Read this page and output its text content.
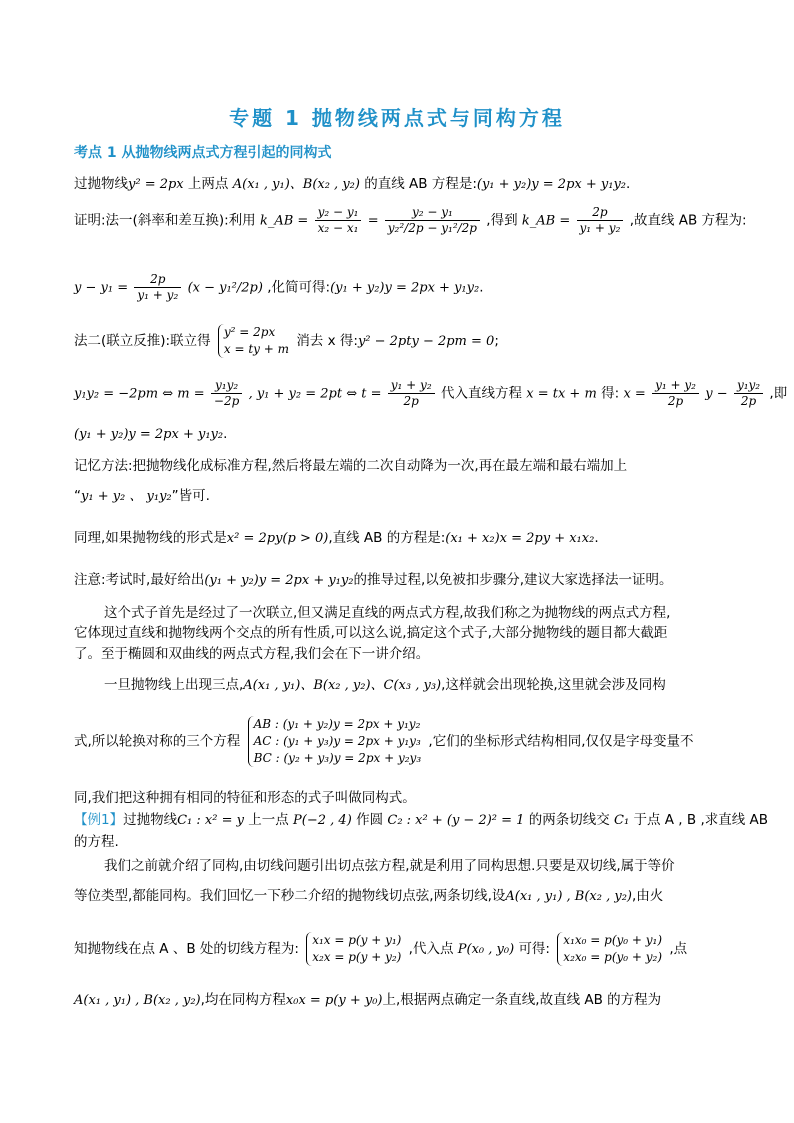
专题 1 抛物线两点式与同构方程
考点 1 从抛物线两点式方程引起的同构式
过抛物线y² = 2px 上两点 A(x₁ , y₁)、B(x₂ , y₂) 的直线 AB 方程是:(y₁ + y₂)y = 2px + y₁y₂.
证明:法一(斜率和差互换):利用 k_AB = $\frac{\text{y₂ − y₁}}{\text{x₂ − x₁}} = \frac{\text{y₂ − y₁}}{\text{y₂²/2p − y₁²/2p}}$ ,得到 k_AB = $\frac{2p}{\text{y₁ + y₂}}$ ,故直线 AB 方程为:
$y - y_1 = \frac{2p}{\text{y₁ + y₂}} (x - y_1^2/2p)$ ,化简可得:(y₁ + y₂)y = 2px + y₁y₂.
法二(联立反推):联立得
y² = 2px
x = ty + m 消去 x 得:y² − 2pty − 2pm = 0;
y₁y₂ = −2pm ⇔ $m = \frac{\text{y₁y₂}}{-2p}$ , y₁ + y₂ = 2pt ⇔ $t = \frac{\text{y₁ + y₂}}{2p}$ 代入直线方程 x = tx + m 得: $x = \frac{\text{y₁ + y₂}}{2p}$ $y - \frac{\text{y₁y₂}}{2p}$ ,即
(y₁ + y₂)y = 2px + y₁y₂.
记忆方法:把抛物线化成标准方程,然后将最左端的二次自动降为一次,再在最左端和最右端加上
“y₁ + y₂ 、 y₁y₂”皆可.
同理,如果抛物线的形式是x² = 2py(p > 0),直线 AB 的方程是:(x₁ + x₂)x = 2py + x₁x₂.
注意:考试时,最好给出(y₁ + y₂)y = 2px + y₁y₂的推导过程,以免被扣步骤分,建议大家选择法一证明。
这个式子首先是经过了一次联立,但又满足直线的两点式方程,故我们称之为抛物线的两点式方程,
它体现过直线和抛物线两个交点的所有性质,可以这么说,搞定这个式子,大部分抛物线的题目都大截距
了。至于椭圆和双曲线的两点式方程,我们会在下一讲介绍。
一旦抛物线上出现三点,A(x₁ , y₁)、B(x₂ , y₂)、C(x₃ , y₃),这样就会出现轮换,这里就会涉及同构
式,所以轮换对称的三个方程
AB : (y₁ + y₂)y = 2px + y₁y₂
AC : (y₁ + y₃)y = 2px + y₁y₃
BC : (y₂ + y₃)y = 2px + y₂y₃
,它们的坐标形式结构相同,仅仅是字母变量不
同,我们把这种拥有相同的特征和形态的式子叫做同构式。
【例1】过抛物线C₁ : x² = y 上一点 P(−2 , 4) 作圆 C₂ : x² + (y − 2)² = 1 的两条切线交 C₁ 于点 A , B ,求直线 AB
的方程.
我们之前就介绍了同构,由切线问题引出切点弦方程,就是利用了同构思想.只要是双切线,属于等价
等位类型,都能同构。我们回忆一下秒二介绍的抛物线切点弦,两条切线,设A(x₁ , y₁) , B(x₂ , y₂),由火
知抛物线在点 A 、B 处的切线方程为:
x₁x = p(y + y₁)
x₂x = p(y + y₂) ,代入点 P(x₀ , y₀) 可得:
x₁x₀ = p(y₀ + y₁)
x₂x₀ = p(y₀ + y₂) ,点
A(x₁ , y₁) , B(x₂ , y₂),均在同构方程x₀x = p(y + y₀)上,根据两点确定一条直线,故直线 AB 的方程为
